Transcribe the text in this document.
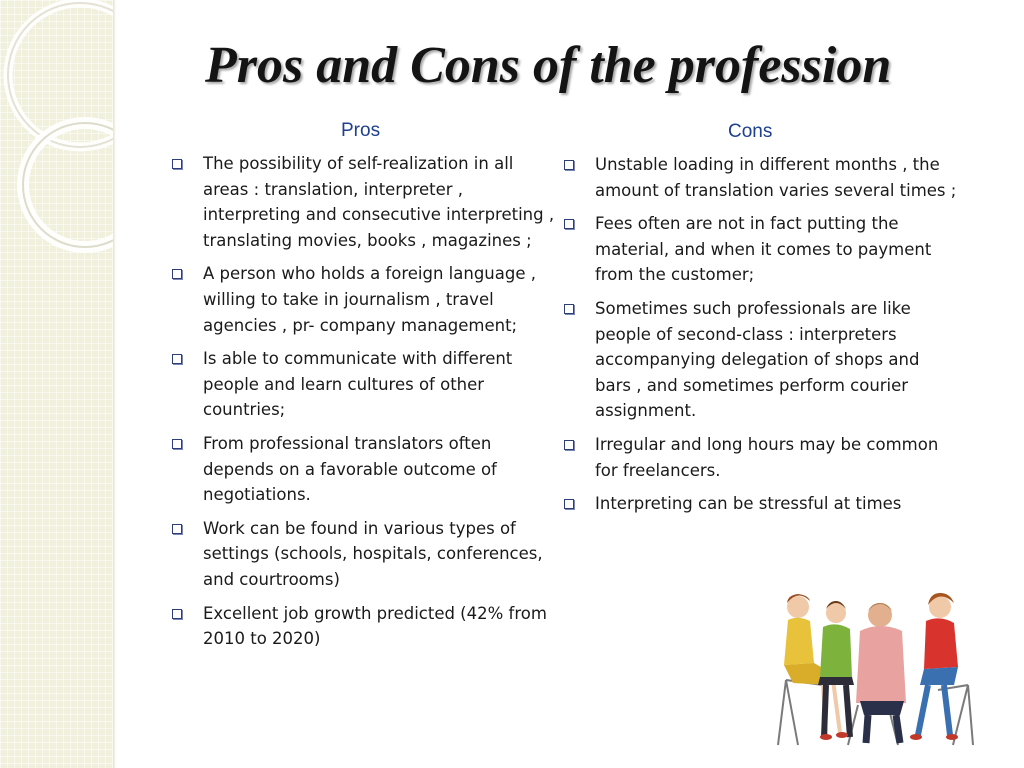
Pros and Cons of the profession
Pros	Cons
The possibility of self-realization in all areas : translation, interpreter , interpreting and consecutive interpreting , translating movies, books , magazines ;
A person who holds a foreign language , willing to take in journalism , travel agencies , pr- company management;
Is able to communicate with different people and learn cultures of other countries;
From professional translators often depends on a favorable outcome of negotiations.
Work can be found in various types of settings (schools, hospitals, conferences, and courtrooms)
Excellent job growth predicted (42% from 2010 to 2020)
Unstable loading in different months , the amount of translation varies several times ;
Fees often are not in fact putting the material, and when it comes to payment from the customer;
Sometimes such professionals are like people of second-class : interpreters accompanying delegation of shops and bars , and sometimes perform courier assignment.
Irregular and long hours may be common for freelancers.
Interpreting can be stressful at times
